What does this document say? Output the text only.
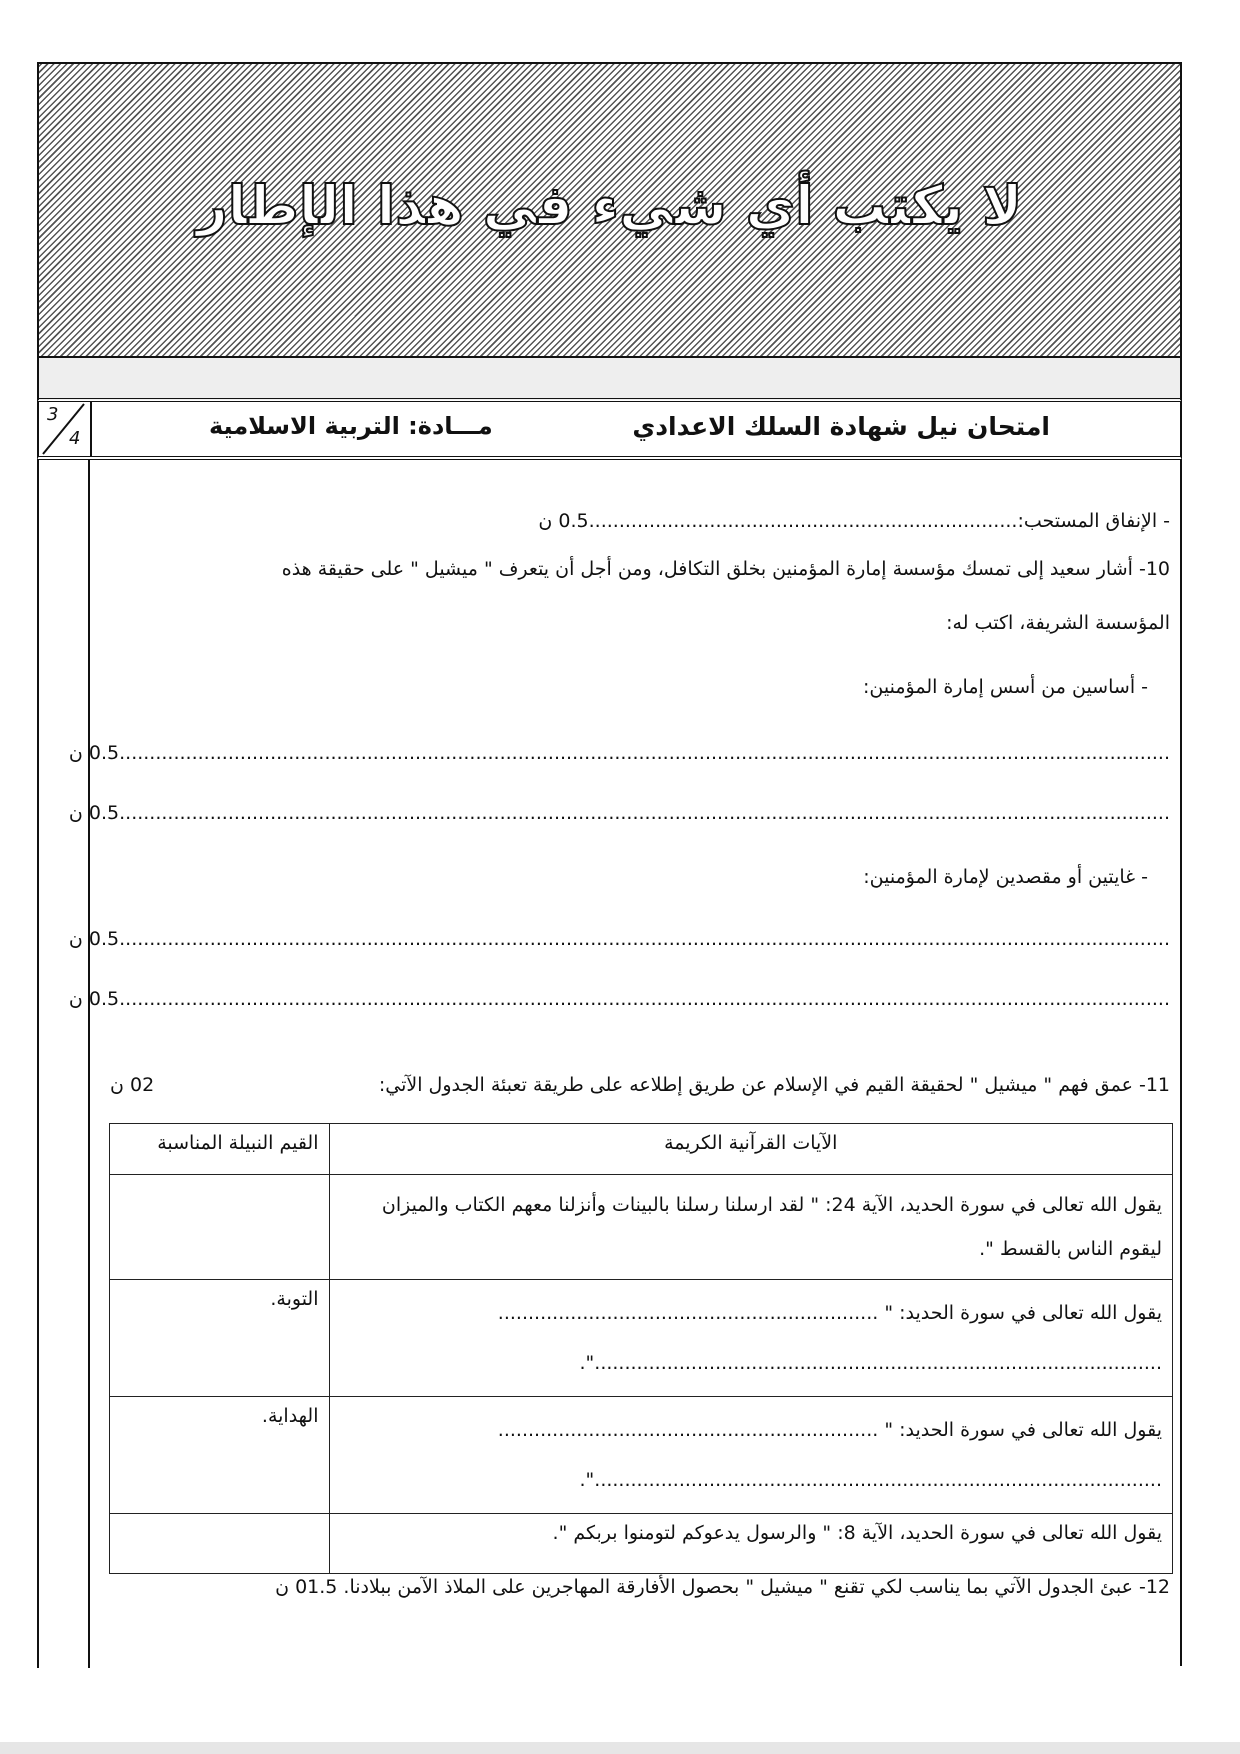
لا يكتب أي شيء في هذا الإطار
3
4	امتحان نيل شهادة السلك الاعدادي
مـــادة: التربية الاسلامية
- الإنفاق المستحب:.......................................................................0.5 ن
10- أشار سعيد إلى تمسك مؤسسة إمارة المؤمنين بخلق التكافل، ومن أجل أن يتعرف " ميشيل " على حقيقة هذه
المؤسسة الشريفة، اكتب له:
- أساسين من أسس إمارة المؤمنين:
..............................................................................................................................................................................0.5 ن
..............................................................................................................................................................................0.5 ن
- غايتين أو مقصدين لإمارة المؤمنين:
..............................................................................................................................................................................0.5 ن
..............................................................................................................................................................................0.5 ن
11- عمق فهم " ميشيل " لحقيقة القيم في الإسلام عن طريق إطلاعه على طريقة تعبئة الجدول الآتي:
02 ن
الآيات القرآنية الكريمة	القيم النبيلة المناسبة
يقول الله تعالى في سورة الحديد، الآية 24: " لقد ارسلنا رسلنا بالبينات وأنزلنا معهم الكتاب والميزان ليقوم الناس بالقسط ".	

يقول الله تعالى في سورة الحديد: " ...............................................................
..............................................................................................".	التوبة.

يقول الله تعالى في سورة الحديد: " ...............................................................
..............................................................................................".	الهداية.
يقول الله تعالى في سورة الحديد، الآية 8: " والرسول يدعوكم لتومنوا بربكم ".	
12- عبئ الجدول الآتي بما يناسب لكي تقنع " ميشيل " بحصول الأفارقة المهاجرين على الملاذ الآمن ببلادنا. 01.5 ن
